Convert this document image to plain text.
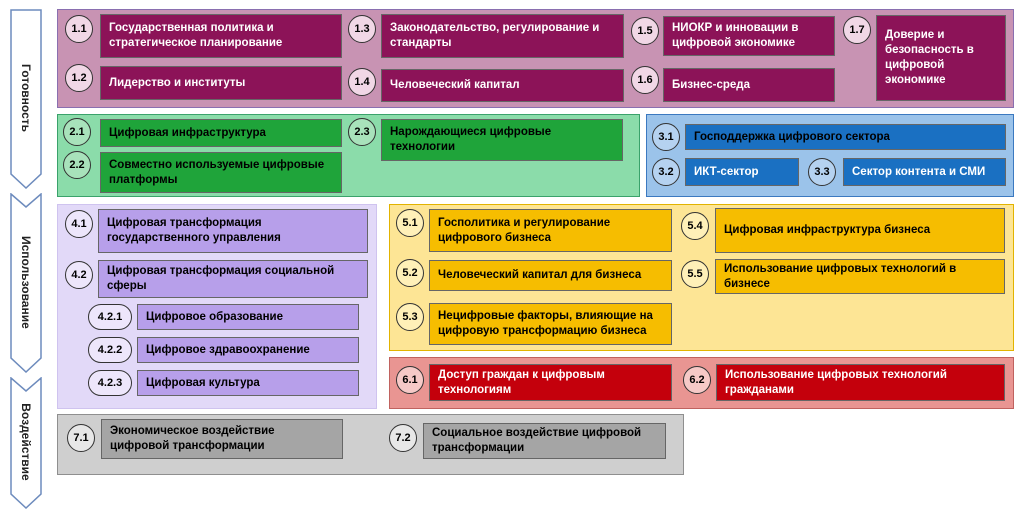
Готовность
Использование
Воздействие
1.1	Государственная политика и стратегическое планирование
1.2	Лидерство и институты
1.3	Законодательство, регулирование и стандарты
1.4	Человеческий капитал
1.5	НИОКР и инновации в цифровой экономике
1.6	Бизнес-среда
1.7	Доверие и безопасность в цифровой экономике
2.1	Цифровая инфраструктура
2.2	Совместно используемые цифровые платформы
2.3	Нарождающиеся цифровые технологии
3.1	Господдержка цифрового сектора
3.2	ИКТ-сектор	3.3	Сектор контента и СМИ
4.1	Цифровая трансформация государственного управления
4.2	Цифровая трансформация социальной сферы
4.2.1	Цифровое образование
4.2.2	Цифровое здравоохранение
4.2.3	Цифровая культура
5.1	Госполитика и регулирование цифрового бизнеса
5.2	Человеческий капитал для бизнеса
5.3	Нецифровые факторы, влияющие на цифровую трансформацию бизнеса
5.4	Цифровая инфраструктура бизнеса
5.5	Использование цифровых технологий в бизнесе
6.1	Доступ граждан к цифровым технологиям
6.2	Использование цифровых технологий гражданами
7.1
Экономическое воздействие цифровой трансформации
7.2	Социальное воздействие цифровой трансформации
